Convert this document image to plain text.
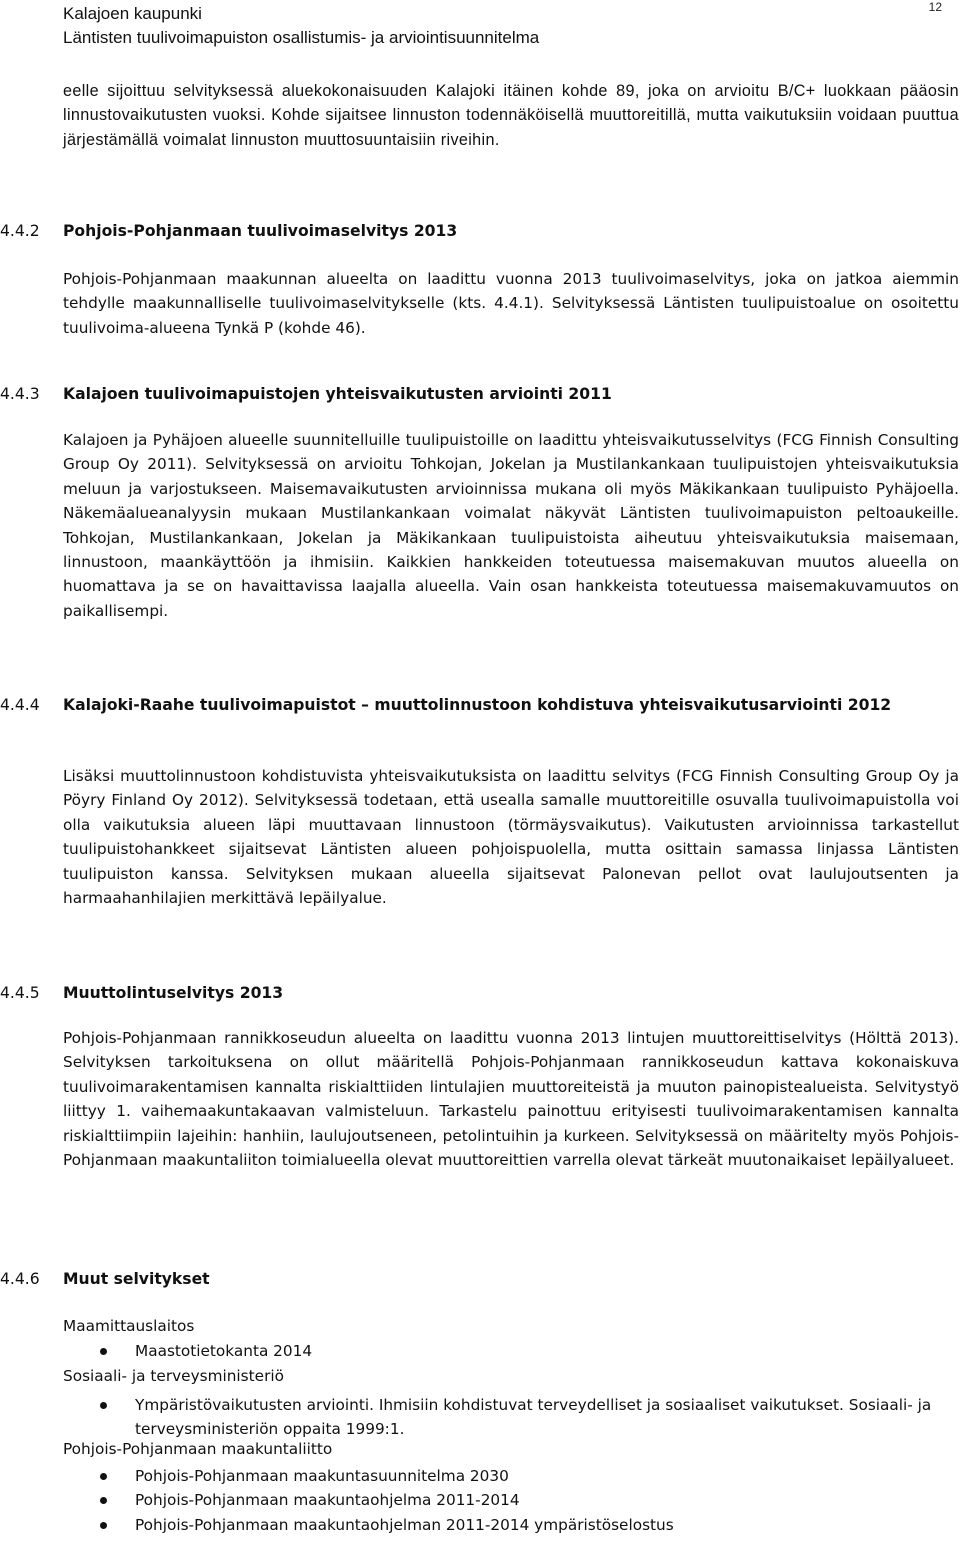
Kalajoen kaupunki
Läntisten tuulivoimapuiston osallistumis- ja arviointisuunnitelma
12

eelle sijoittuu selvityksessä aluekokonaisuuden Kalajoki itäinen kohde 89, joka on arvioitu B/C+ luokkaan pääosin linnustovaikutusten vuoksi. Kohde sijaitsee linnuston todennäköisellä muuttoreitillä, mutta vaikutuksiin voidaan puuttua järjestämällä voimalat linnuston muuttosuuntaisiin riveihin.

4.4.2	Pohjois-Pohjanmaan tuulivoimaselvitys 2013

Pohjois-Pohjanmaan maakunnan alueelta on laadittu vuonna 2013 tuulivoimaselvitys, joka on jatkoa aiemmin tehdylle maakunnalliselle tuulivoimaselvitykselle (kts. 4.4.1). Selvityksessä Läntisten tuulipuistoalue on osoitettu tuulivoima-alueena Tynkä P (kohde 46).

4.4.3	Kalajoen tuulivoimapuistojen yhteisvaikutusten arviointi 2011

Kalajoen ja Pyhäjoen alueelle suunnitelluille tuulipuistoille on laadittu yhteisvaikutusselvitys (FCG Finnish Consulting Group Oy 2011). Selvityksessä on arvioitu Tohkojan, Jokelan ja Mustilankankaan tuulipuistojen yhteisvaikutuksia meluun ja varjostukseen. Maisemavaikutusten arvioinnissa mukana oli myös Mäkikankaan tuulipuisto Pyhäjoella. Näkemäalueanalyysin mukaan Mustilankankaan voimalat näkyvät Läntisten tuulivoimapuiston peltoaukeille. Tohkojan, Mustilankankaan, Jokelan ja Mäkikankaan tuulipuistoista aiheutuu yhteisvaikutuksia maisemaan, linnustoon, maankäyttöön ja ihmisiin. Kaikkien hankkeiden toteutuessa maisemakuvan muutos alueella on huomattava ja se on havaittavissa laajalla alueella. Vain osan hankkeista toteutuessa maisemakuvamuutos on paikallisempi.

4.4.4	Kalajoki-Raahe tuulivoimapuistot – muuttolinnustoon kohdistuva yhteisvaikutusarviointi 2012

Lisäksi muuttolinnustoon kohdistuvista yhteisvaikutuksista on laadittu selvitys (FCG Finnish Consulting Group Oy ja Pöyry Finland Oy 2012). Selvityksessä todetaan, että usealla samalle muuttoreitille osuvalla tuulivoimapuistolla voi olla vaikutuksia alueen läpi muuttavaan linnustoon (törmäysvaikutus). Vaikutusten arvioinnissa tarkastellut tuulipuistohankkeet sijaitsevat Läntisten alueen pohjoispuolella, mutta osittain samassa linjassa Läntisten tuulipuiston kanssa. Selvityksen mukaan alueella sijaitsevat Palonevan pellot ovat laulujoutsenten ja harmaahanhilajien merkittävä lepäilyalue.

4.4.5	Muuttolintuselvitys 2013

Pohjois-Pohjanmaan rannikkoseudun alueelta on laadittu vuonna 2013 lintujen muuttoreittiselvitys (Hölttä 2013). Selvityksen tarkoituksena on ollut määritellä Pohjois-Pohjanmaan rannikkoseudun kattava kokonaiskuva tuulivoimarakentamisen kannalta riskialttiiden lintulajien muuttoreiteistä ja muuton painopistealueista. Selvitystyö liittyy 1. vaihemaakuntakaavan valmisteluun. Tarkastelu painottuu erityisesti tuulivoimarakentamisen kannalta riskialttiimpiin lajeihin: hanhiin, laulujoutseneen, petolintuihin ja kurkeen. Selvityksessä on määritelty myös Pohjois-Pohjanmaan maakuntaliiton toimialueella olevat muuttoreittien varrella olevat tärkeät muutonaikaiset lepäilyalueet.

4.4.6	Muut selvitykset
Maamittauslaitos
Maastotietokanta 2014
Sosiaali- ja terveysministeriö
Ympäristövaikutusten arviointi. Ihmisiin kohdistuvat terveydelliset ja sosiaaliset vaikutukset. Sosiaali- ja terveysministeriön oppaita 1999:1.
Pohjois-Pohjanmaan maakuntaliitto
Pohjois-Pohjanmaan maakuntasuunnitelma 2030
Pohjois-Pohjanmaan maakuntaohjelma 2011-2014
Pohjois-Pohjanmaan maakuntaohjelman 2011-2014 ympäristöselostus
